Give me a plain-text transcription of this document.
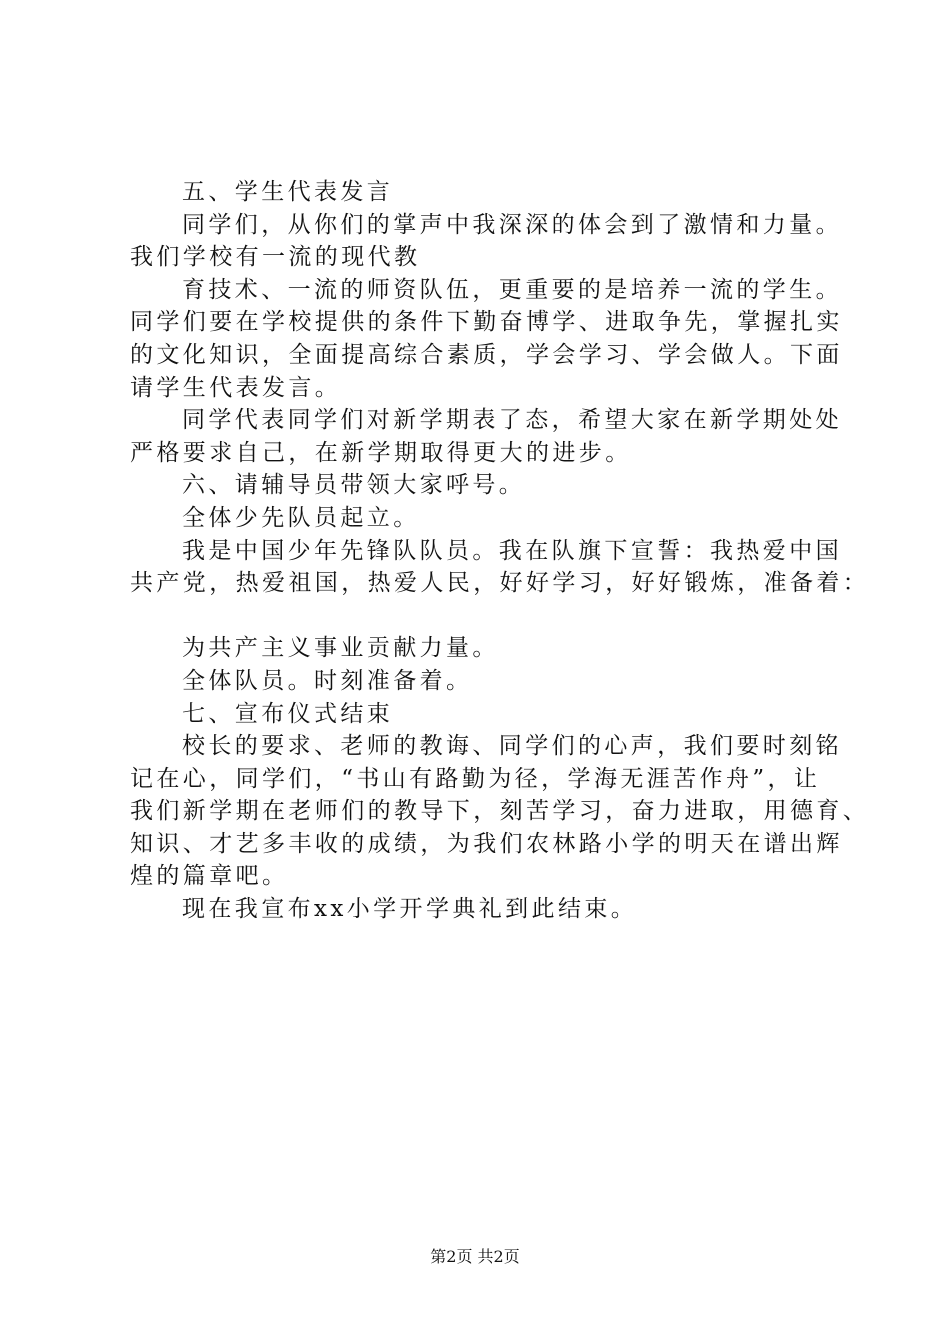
五、学生代表发言
同学们，从你们的掌声中我深深的体会到了激情和力量。
我们学校有一流的现代教
育技术、一流的师资队伍，更重要的是培养一流的学生。
同学们要在学校提供的条件下勤奋博学、进取争先，掌握扎实
的文化知识，全面提高综合素质，学会学习、学会做人。下面
请学生代表发言。
同学代表同学们对新学期表了态，希望大家在新学期处处
严格要求自己，在新学期取得更大的进步。
六、请辅导员带领大家呼号。
全体少先队员起立。
我是中国少年先锋队队员。我在队旗下宣誓：我热爱中国
共产党，热爱祖国，热爱人民，好好学习，好好锻炼，准备着：
为共产主义事业贡献力量。
全体队员。时刻准备着。
七、宣布仪式结束
校长的要求、老师的教诲、同学们的心声，我们要时刻铭
记在心，同学们，“书山有路勤为径，学海无涯苦作舟”，让
我们新学期在老师们的教导下，刻苦学习，奋力进取，用德育、
知识、才艺多丰收的成绩，为我们农林路小学的明天在谱出辉
煌的篇章吧。
现在我宣布xx小学开学典礼到此结束。
第2页 共2页
